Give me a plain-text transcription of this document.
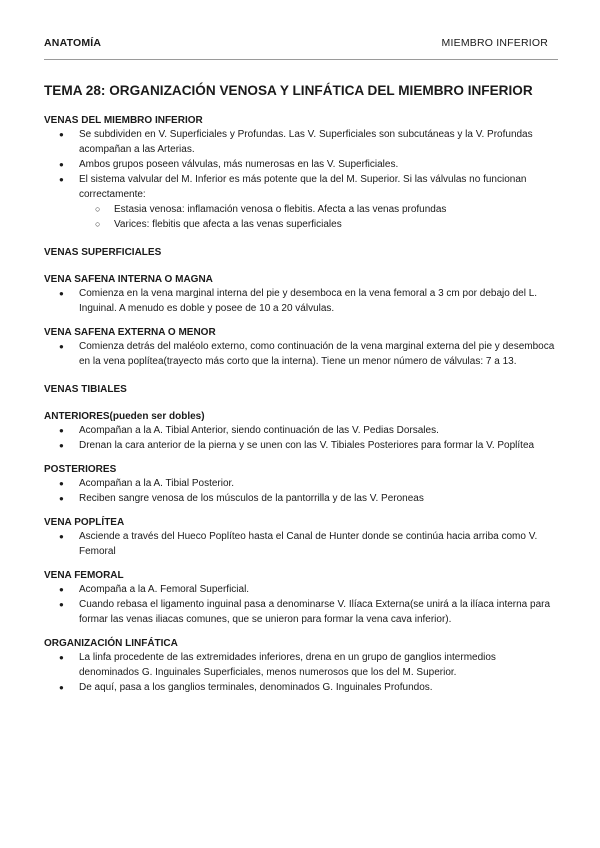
ANATOMÍA	MIEMBRO INFERIOR
TEMA 28: ORGANIZACIÓN VENOSA Y LINFÁTICA DEL MIEMBRO INFERIOR
VENAS DEL MIEMBRO INFERIOR
● Se subdividen en V. Superficiales y Profundas. Las V. Superficiales son subcutáneas y la V. Profundas acompañan a las Arterias.
● Ambos grupos poseen válvulas, más numerosas en las V. Superficiales.
● El sistema valvular del M. Inferior es más potente que la del M. Superior. Si las válvulas no funcionan correctamente:
○ Estasia venosa: inflamación venosa o flebitis. Afecta a las venas profundas
○ Varices: flebitis que afecta a las venas superficiales
VENAS SUPERFICIALES
VENA SAFENA INTERNA O MAGNA
● Comienza en la vena marginal interna del pie y desemboca en la vena femoral a 3 cm por debajo del L. Inguinal. A menudo es doble y posee de 10 a 20 válvulas.
VENA SAFENA EXTERNA O MENOR
● Comienza detrás del maléolo externo, como continuación de la vena marginal externa del pie y desemboca en la vena poplítea(trayecto más corto que la interna). Tiene un menor número de válvulas: 7 a 13.
VENAS TIBIALES
ANTERIORES(pueden ser dobles)
● Acompañan a la A. Tibial Anterior, siendo continuación de las V. Pedias Dorsales.
● Drenan la cara anterior de la pierna y se unen con las V. Tibiales Posteriores para formar la V. Poplítea
POSTERIORES
● Acompañan a la A. Tibial Posterior.
● Reciben sangre venosa de los músculos de la pantorrilla y de las V. Peroneas
VENA POPLÍTEA
● Asciende a través del Hueco Poplíteo hasta el Canal de Hunter donde se continúa hacia arriba como V. Femoral
VENA FEMORAL
● Acompaña a la A. Femoral Superficial.
● Cuando rebasa el ligamento inguinal pasa a denominarse V. Ilíaca Externa(se unirá a la ilíaca interna para formar las venas iliacas comunes, que se unieron para formar la vena cava inferior).
ORGANIZACIÓN LINFÁTICA
● La linfa procedente de las extremidades inferiores, drena en un grupo de ganglios intermedios denominados G. Inguinales Superficiales, menos numerosos que los del M. Superior.
● De aquí, pasa a los ganglios terminales, denominados G. Inguinales Profundos.
